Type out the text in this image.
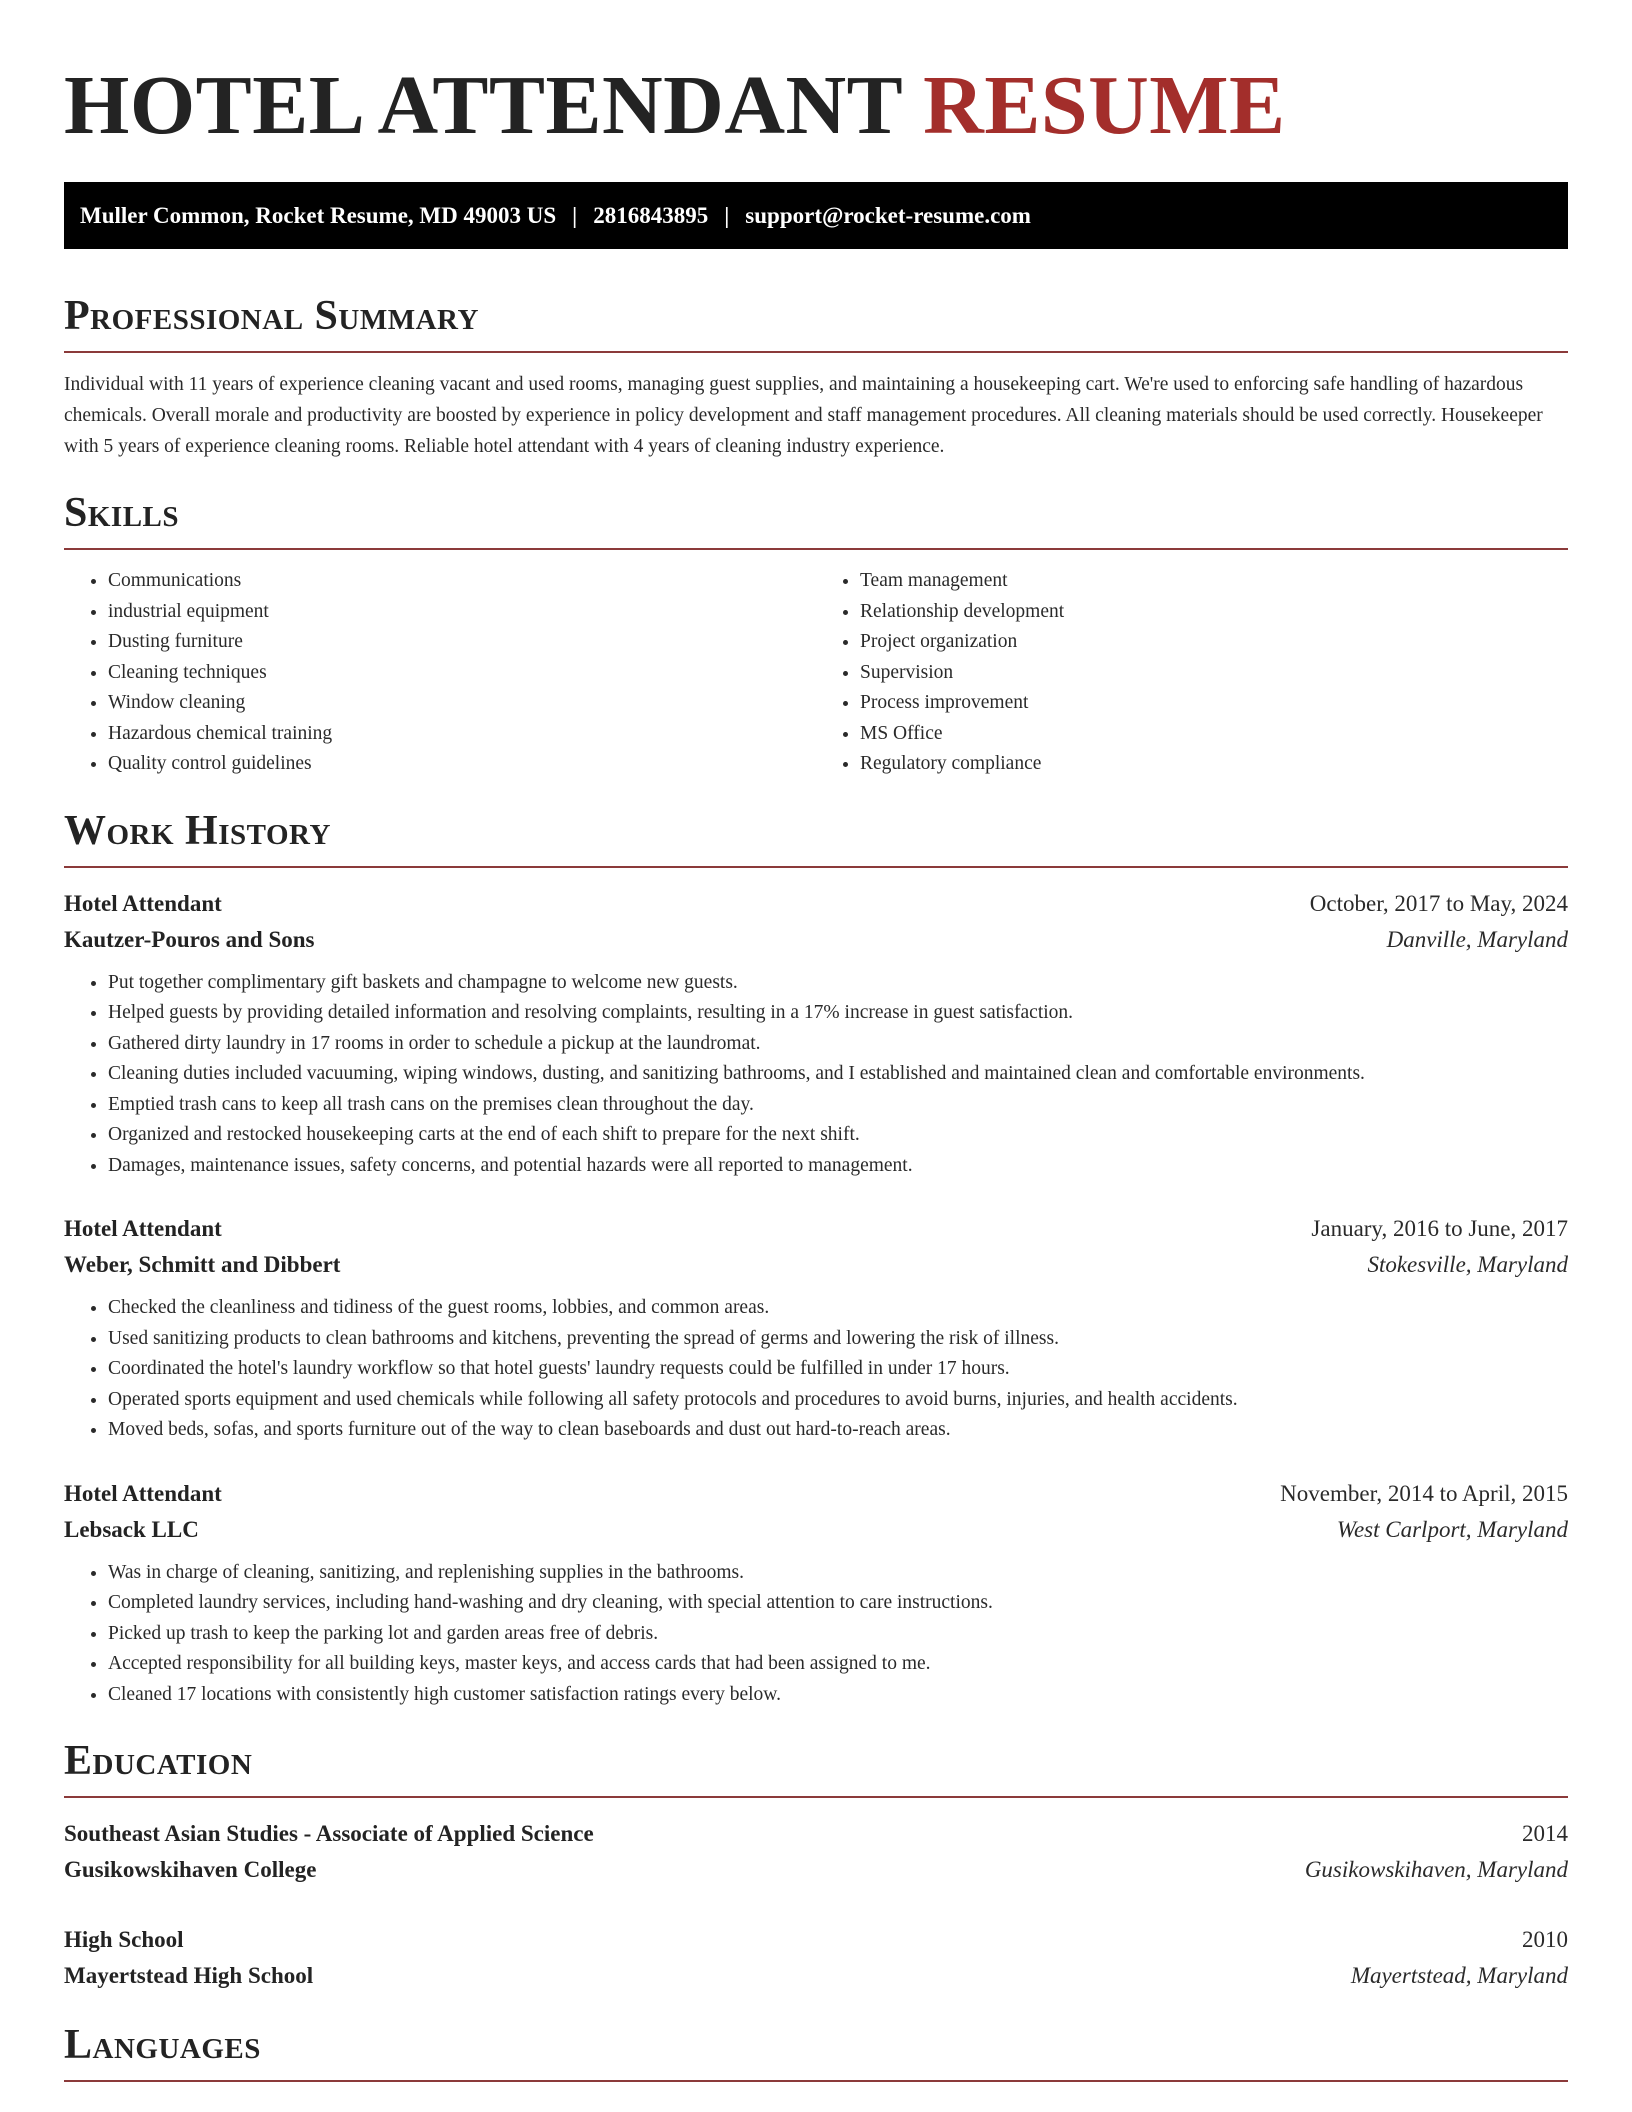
HOTEL ATTENDANT RESUME
Muller Common, Rocket Resume, MD 49003 US | 2816843895 | support@rocket-resume.com
Professional Summary

Individual with 11 years of experience cleaning vacant and used rooms, managing guest supplies, and maintaining a housekeeping cart. We're used to enforcing safe handling of hazardous chemicals. Overall morale and productivity are boosted by experience in policy development and staff management procedures. All cleaning materials should be used correctly. Housekeeper with 5 years of experience cleaning rooms. Reliable hotel attendant with 4 years of cleaning industry experience.

Skills
• Communications
• industrial equipment
• Dusting furniture
• Cleaning techniques
• Window cleaning
• Hazardous chemical training
• Quality control guidelines
• Team management
• Relationship development
• Project organization
• Supervision
• Process improvement
• MS Office
• Regulatory compliance
Work History
Hotel Attendant	October, 2017 to May, 2024
Kautzer-Pouros and Sons	Danville, Maryland
• Put together complimentary gift baskets and champagne to welcome new guests.
• Helped guests by providing detailed information and resolving complaints, resulting in a 17% increase in guest satisfaction.
• Gathered dirty laundry in 17 rooms in order to schedule a pickup at the laundromat.
• Cleaning duties included vacuuming, wiping windows, dusting, and sanitizing bathrooms, and I established and maintained clean and comfortable environments.
• Emptied trash cans to keep all trash cans on the premises clean throughout the day.
• Organized and restocked housekeeping carts at the end of each shift to prepare for the next shift.
• Damages, maintenance issues, safety concerns, and potential hazards were all reported to management.
Hotel Attendant	January, 2016 to June, 2017
Weber, Schmitt and Dibbert	Stokesville, Maryland
• Checked the cleanliness and tidiness of the guest rooms, lobbies, and common areas.
• Used sanitizing products to clean bathrooms and kitchens, preventing the spread of germs and lowering the risk of illness.
• Coordinated the hotel's laundry workflow so that hotel guests' laundry requests could be fulfilled in under 17 hours.
• Operated sports equipment and used chemicals while following all safety protocols and procedures to avoid burns, injuries, and health accidents.
• Moved beds, sofas, and sports furniture out of the way to clean baseboards and dust out hard-to-reach areas.
Hotel Attendant	November, 2014 to April, 2015
Lebsack LLC	West Carlport, Maryland
• Was in charge of cleaning, sanitizing, and replenishing supplies in the bathrooms.
• Completed laundry services, including hand-washing and dry cleaning, with special attention to care instructions.
• Picked up trash to keep the parking lot and garden areas free of debris.
• Accepted responsibility for all building keys, master keys, and access cards that had been assigned to me.
• Cleaned 17 locations with consistently high customer satisfaction ratings every below.
Education
Southeast Asian Studies - Associate of Applied Science	2014
Gusikowskihaven College	Gusikowskihaven, Maryland
High School	2010
Mayertstead High School	Mayertstead, Maryland
Languages
